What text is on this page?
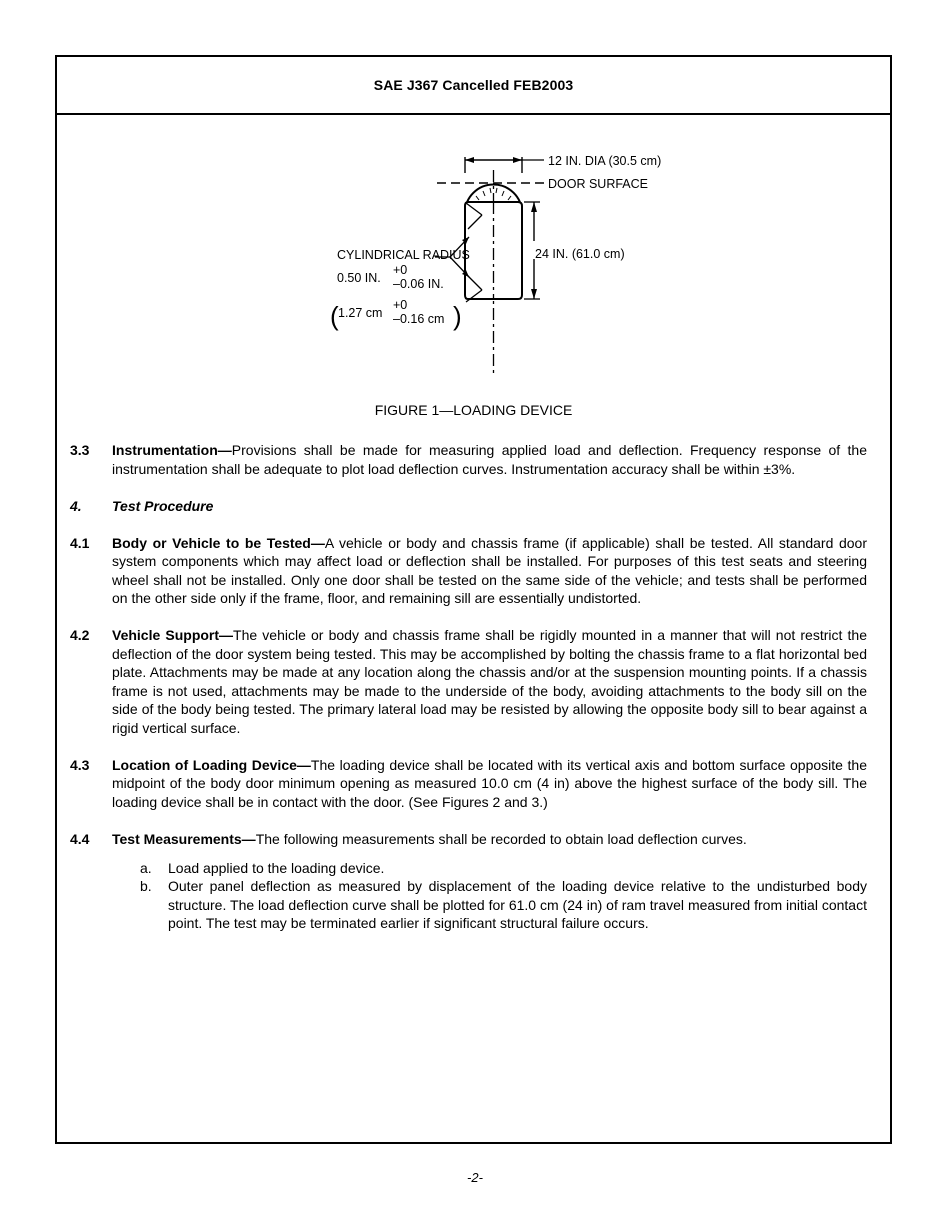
SAE J367 Cancelled FEB2003
12 IN. DIA (30.5 cm)
DOOR SURFACE
CYLINDRICAL RADIUS
0.50 IN.
+0
–0.06 IN.
( 1.27 cm
+0
–0.16 cm )
24 IN. (61.0 cm)
FIGURE 1—LOADING DEVICE
3.3	Instrumentation—Provisions shall be made for measuring applied load and deflection. Frequency response of the instrumentation shall be adequate to plot load deflection curves. Instrumentation accuracy shall be within ±3%.
4.	Test Procedure
4.1	Body or Vehicle to be Tested—A vehicle or body and chassis frame (if applicable) shall be tested. All standard door system components which may affect load or deflection shall be installed. For purposes of this test seats and steering wheel shall not be installed. Only one door shall be tested on the same side of the vehicle; and tests shall be performed on the other side only if the frame, floor, and remaining sill are essentially undistorted.
4.2	Vehicle Support—The vehicle or body and chassis frame shall be rigidly mounted in a manner that will not restrict the deflection of the door system being tested. This may be accomplished by bolting the chassis frame to a flat horizontal bed plate. Attachments may be made at any location along the chassis and/or at the suspension mounting points. If a chassis frame is not used, attachments may be made to the underside of the body, avoiding attachments to the body sill on the side of the body being tested. The primary lateral load may be resisted by allowing the opposite body sill to bear against a rigid vertical surface.
4.3	Location of Loading Device—The loading device shall be located with its vertical axis and bottom surface opposite the midpoint of the body door minimum opening as measured 10.0 cm (4 in) above the highest surface of the body sill. The loading device shall be in contact with the door. (See Figures 2 and 3.)
4.4	Test Measurements—The following measurements shall be recorded to obtain load deflection curves.
a.	Load applied to the loading device.
b.	Outer panel deflection as measured by displacement of the loading device relative to the undisturbed body structure. The load deflection curve shall be plotted for 61.0 cm (24 in) of ram travel measured from initial contact point. The test may be terminated earlier if significant structural failure occurs.
-2-
